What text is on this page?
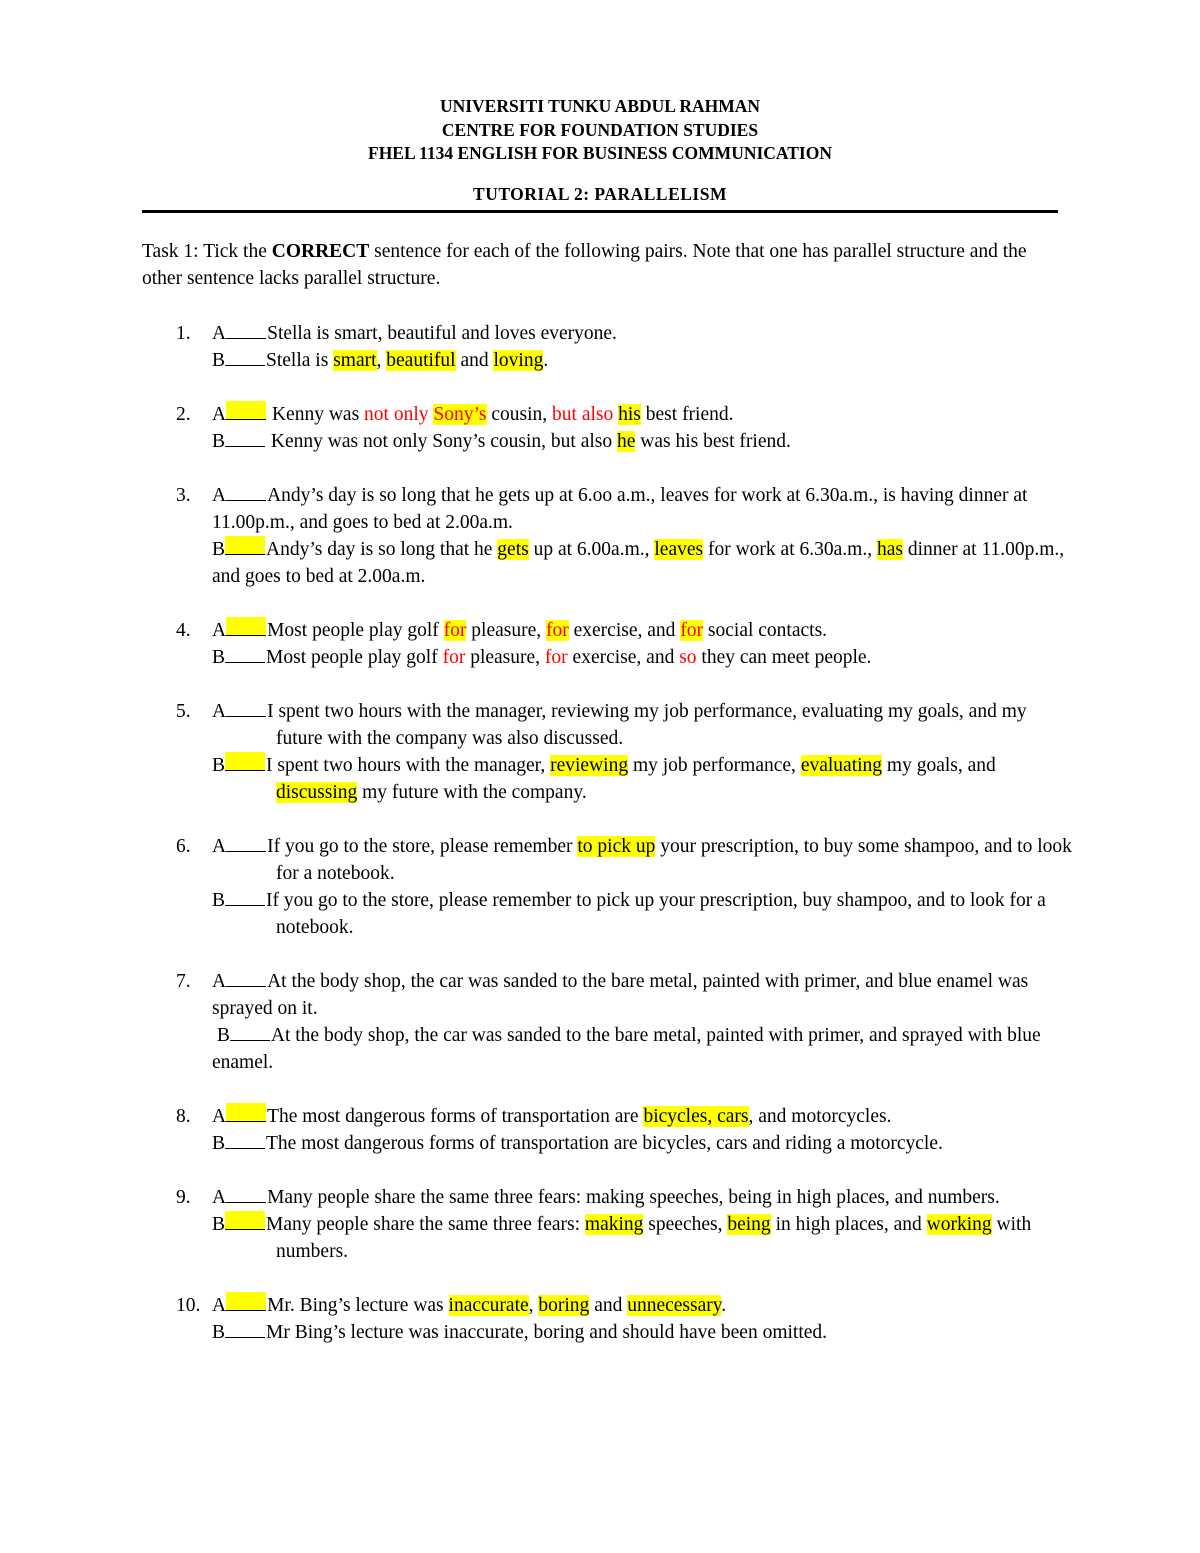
UNIVERSITI TUNKU ABDUL RAHMAN
CENTRE FOR FOUNDATION STUDIES
FHEL 1134 ENGLISH FOR BUSINESS COMMUNICATION
TUTORIAL 2: PARALLELISM
Task 1: Tick the CORRECT sentence for each of the following pairs. Note that one has parallel structure and the other sentence lacks parallel structure.
1. A Stella is smart, beautiful and loves everyone.
B Stella is smart, beautiful and loving.
2. A Kenny was not only Sony’s cousin, but also his best friend.
B Kenny was not only Sony’s cousin, but also he was his best friend.
3. A Andy’s day is so long that he gets up at 6.oo a.m., leaves for work at 6.30a.m., is having dinner at 11.00p.m., and goes to bed at 2.00a.m.
B Andy’s day is so long that he gets up at 6.00a.m., leaves for work at 6.30a.m., has dinner at 11.00p.m., and goes to bed at 2.00a.m.
4. A Most people play golf for pleasure, for exercise, and for social contacts.
B Most people play golf for pleasure, for exercise, and so they can meet people.
5. A I spent two hours with the manager, reviewing my job performance, evaluating my goals, and my future with the company was also discussed.
B I spent two hours with the manager, reviewing my job performance, evaluating my goals, and discussing my future with the company.
6. A If you go to the store, please remember to pick up your prescription, to buy some shampoo, and to look for a notebook.
B If you go to the store, please remember to pick up your prescription, buy shampoo, and to look for a notebook.
7. A At the body shop, the car was sanded to the bare metal, painted with primer, and blue enamel was sprayed on it.
B At the body shop, the car was sanded to the bare metal, painted with primer, and sprayed with blue enamel.
8. A The most dangerous forms of transportation are bicycles, cars, and motorcycles.
B The most dangerous forms of transportation are bicycles, cars and riding a motorcycle.
9. A Many people share the same three fears: making speeches, being in high places, and numbers.
B Many people share the same three fears: making speeches, being in high places, and working with numbers.
10. A Mr. Bing’s lecture was inaccurate, boring and unnecessary.
B Mr Bing’s lecture was inaccurate, boring and should have been omitted.
